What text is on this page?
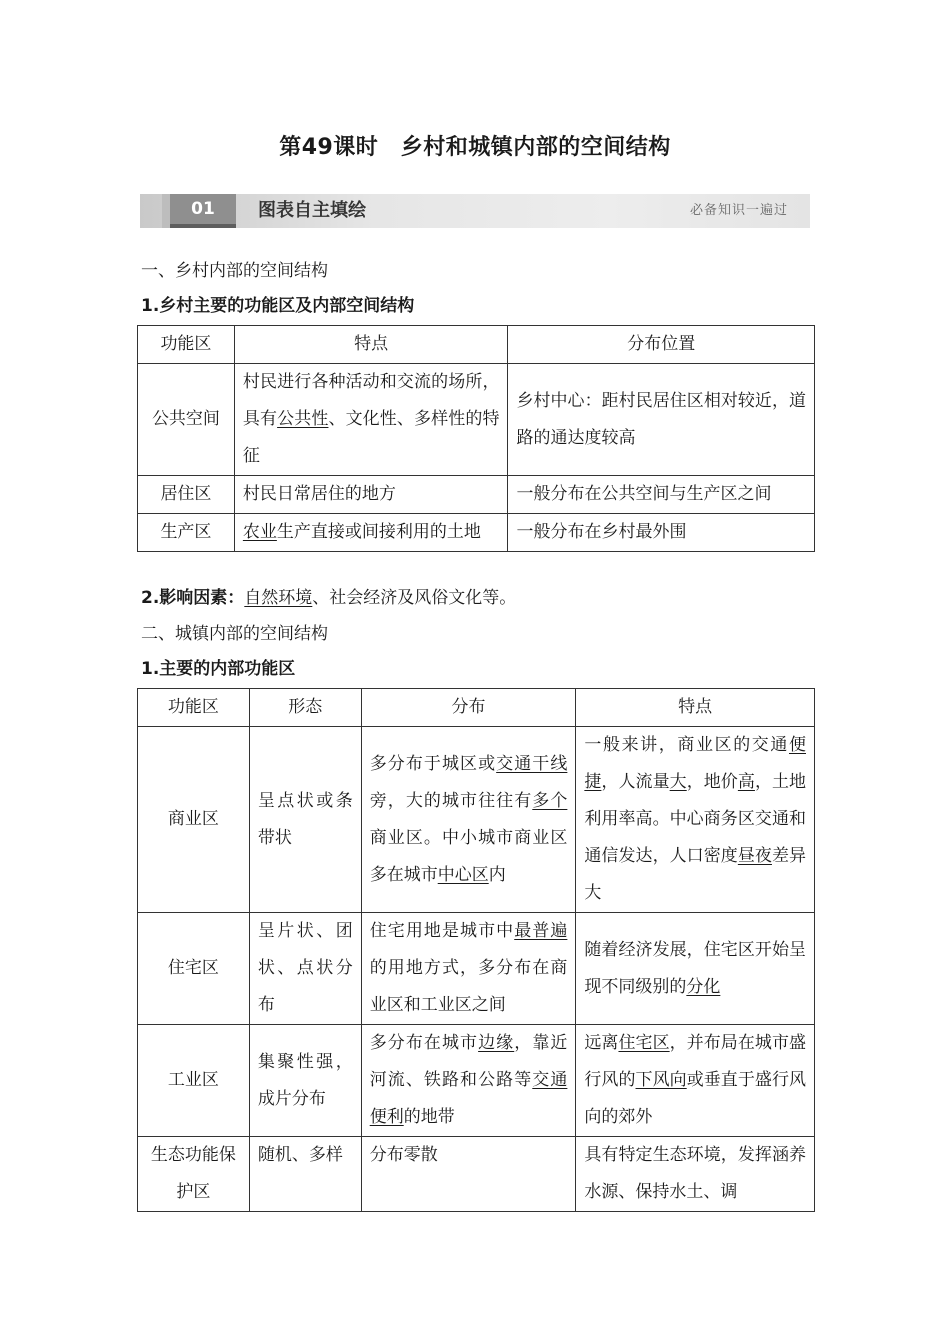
第49课时　乡村和城镇内部的空间结构
01	图表自主填绘	必备知识一遍过

一、乡村内部的空间结构

1.乡村主要的功能区及内部空间结构

功能区	特点	分布位置
公共空间	村民进行各种活动和交流的场所，具有公共性、文化性、多样性的特征	乡村中心：距村民居住区相对较近，道路的通达度较高
居住区	村民日常居住的地方	一般分布在公共空间与生产区之间
生产区	农业生产直接或间接利用的土地	一般分布在乡村最外围

2.影响因素：自然环境、社会经济及风俗文化等。

二、城镇内部的空间结构

1.主要的内部功能区

功能区	形态	分布	特点
商业区	呈点状或条带状	多分布于城区或交通干线旁，大的城市往往有多个商业区。中小城市商业区多在城市中心区内	一般来讲，商业区的交通便捷，人流量大，地价高，土地利用率高。中心商务区交通和通信发达，人口密度昼夜差异大
住宅区	呈片状、团状、点状分布	住宅用地是城市中最普遍的用地方式，多分布在商业区和工业区之间	随着经济发展，住宅区开始呈现不同级别的分化
工业区	集聚性强，成片分布	多分布在城市边缘，靠近河流、铁路和公路等交通便利的地带	远离住宅区，并布局在城市盛行风的下风向或垂直于盛行风向的郊外
生态功能保护区	随机、多样	分布零散	具有特定生态环境，发挥涵养水源、保持水土、调
